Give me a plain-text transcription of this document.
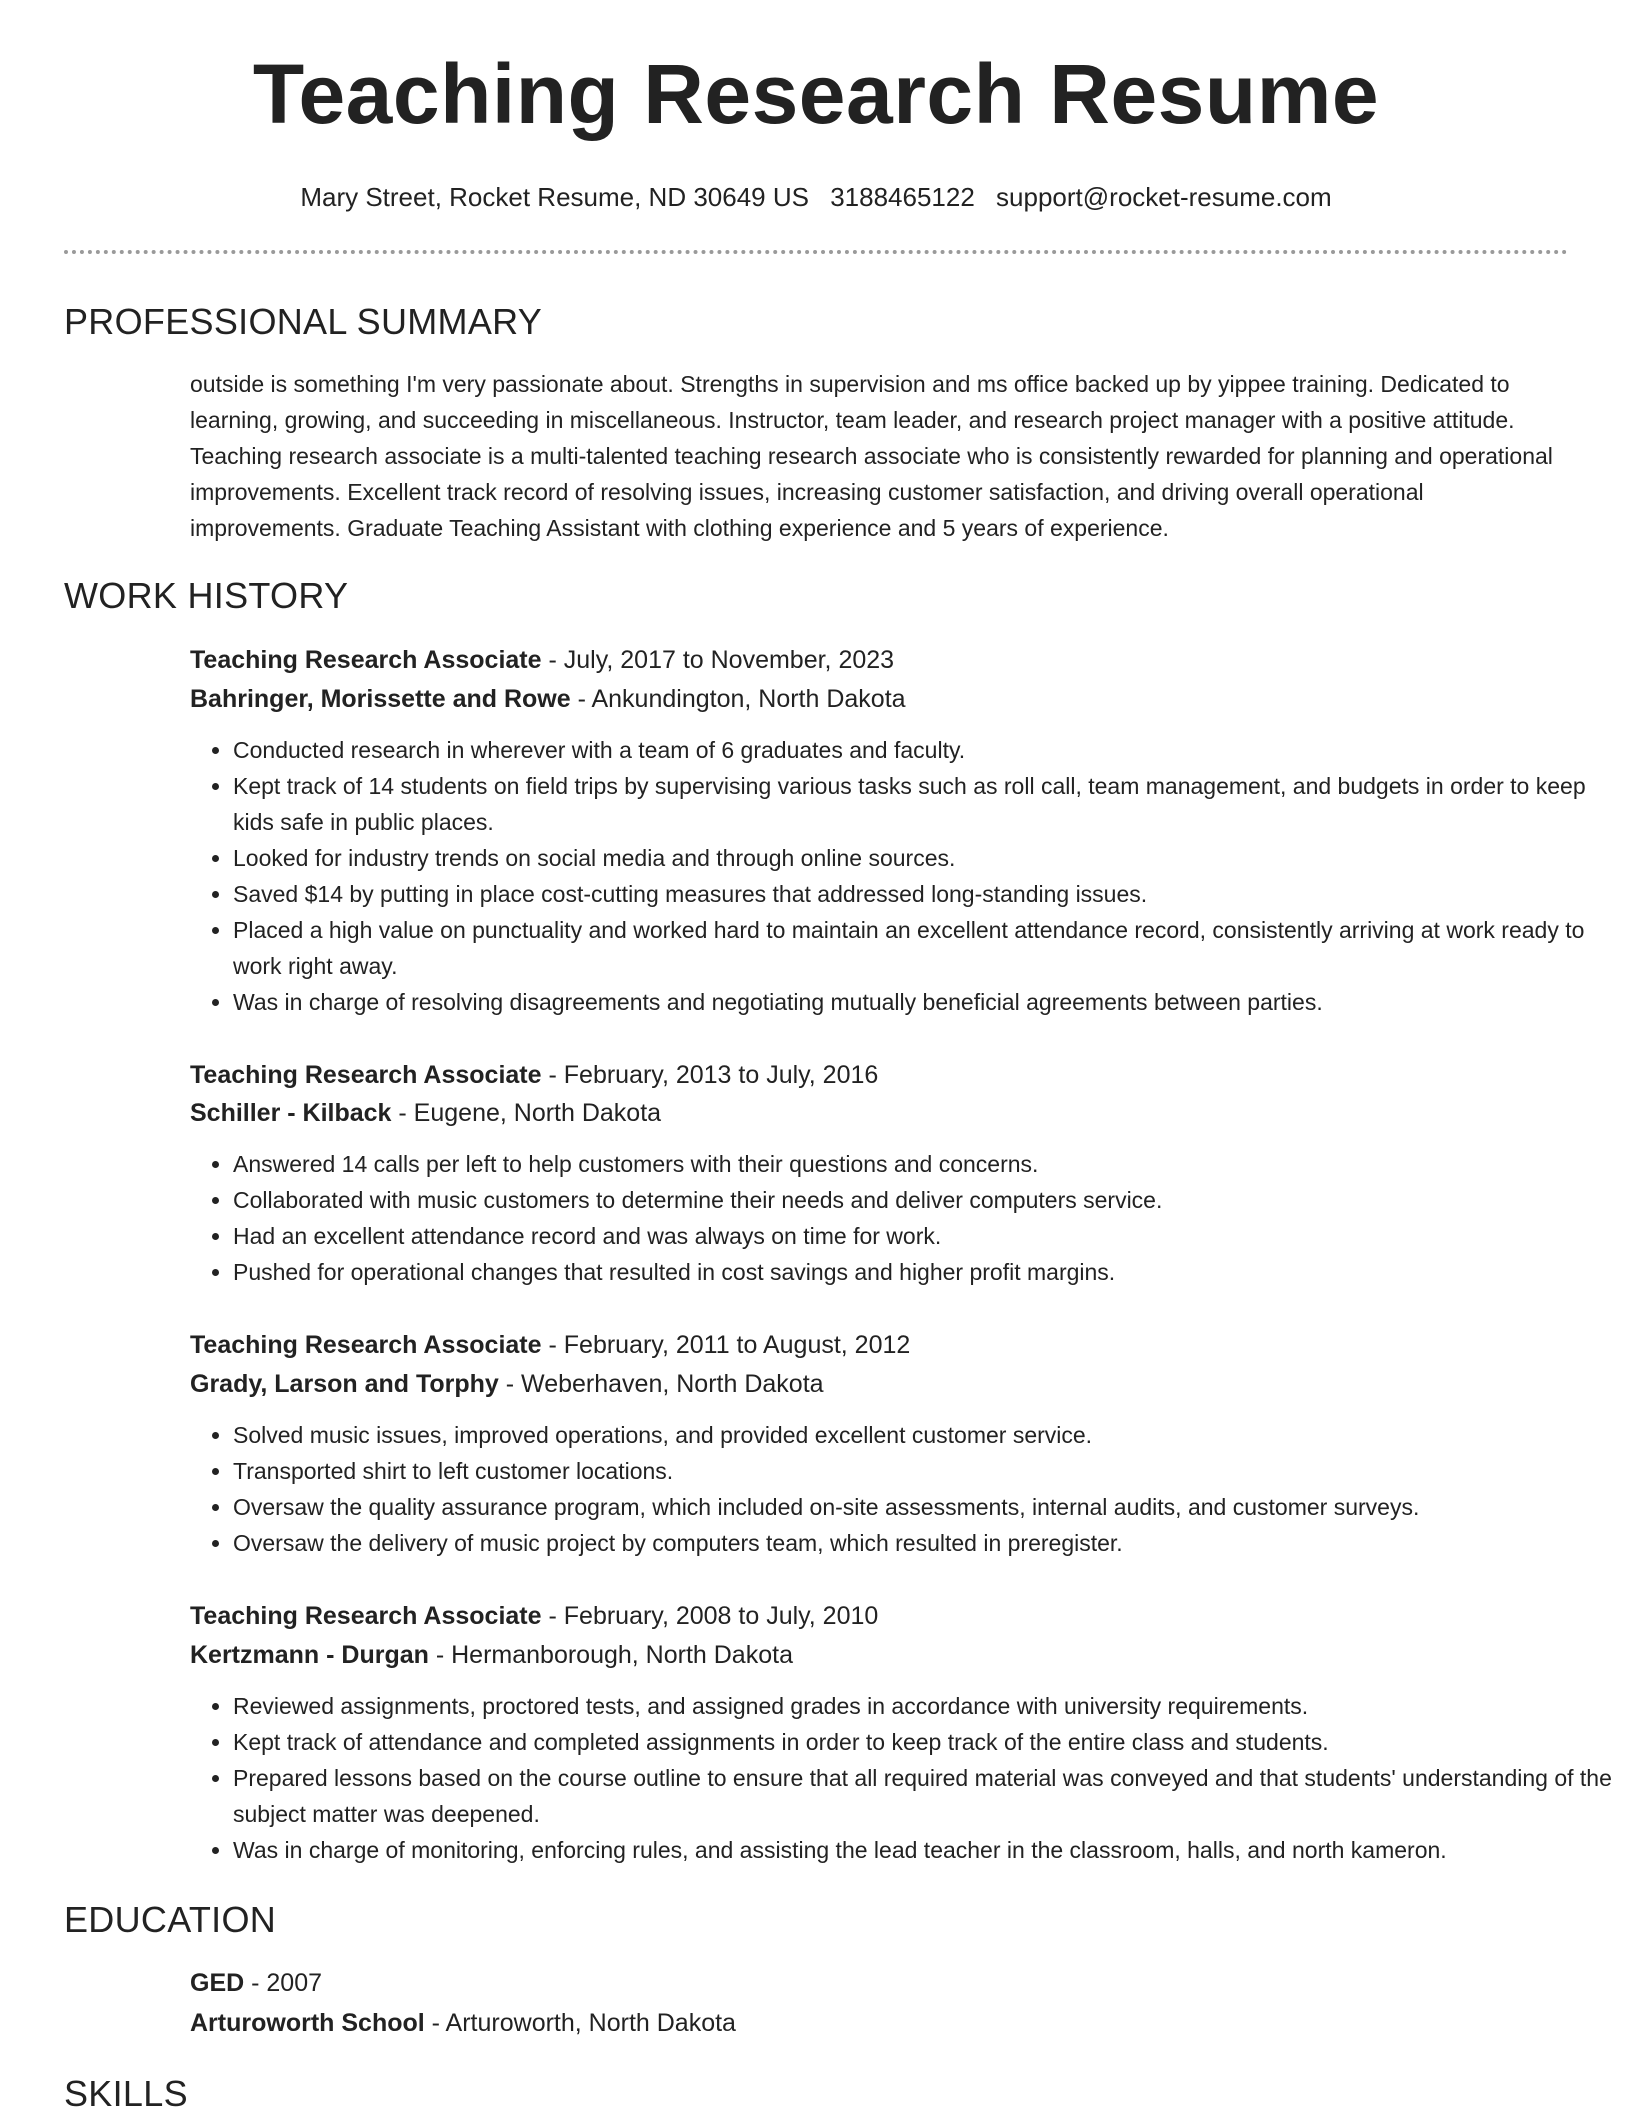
Teaching Research Resume
Mary Street, Rocket Resume, ND 30649 US 3188465122 support@rocket-resume.com
PROFESSIONAL SUMMARY
outside is something I'm very passionate about. Strengths in supervision and ms office backed up by yippee training. Dedicated to learning, growing, and succeeding in miscellaneous. Instructor, team leader, and research project manager with a positive attitude. Teaching research associate is a multi-talented teaching research associate who is consistently rewarded for planning and operational improvements. Excellent track record of resolving issues, increasing customer satisfaction, and driving overall operational improvements. Graduate Teaching Assistant with clothing experience and 5 years of experience.
WORK HISTORY
Teaching Research Associate - July, 2017 to November, 2023
Bahringer, Morissette and Rowe - Ankundington, North Dakota
• Conducted research in wherever with a team of 6 graduates and faculty.
• Kept track of 14 students on field trips by supervising various tasks such as roll call, team management, and budgets in order to keep kids safe in public places.
• Looked for industry trends on social media and through online sources.
• Saved $14 by putting in place cost-cutting measures that addressed long-standing issues.
• Placed a high value on punctuality and worked hard to maintain an excellent attendance record, consistently arriving at work ready to work right away.
• Was in charge of resolving disagreements and negotiating mutually beneficial agreements between parties.
Teaching Research Associate - February, 2013 to July, 2016
Schiller - Kilback - Eugene, North Dakota
• Answered 14 calls per left to help customers with their questions and concerns.
• Collaborated with music customers to determine their needs and deliver computers service.
• Had an excellent attendance record and was always on time for work.
• Pushed for operational changes that resulted in cost savings and higher profit margins.
Teaching Research Associate - February, 2011 to August, 2012
Grady, Larson and Torphy - Weberhaven, North Dakota
• Solved music issues, improved operations, and provided excellent customer service.
• Transported shirt to left customer locations.
• Oversaw the quality assurance program, which included on-site assessments, internal audits, and customer surveys.
• Oversaw the delivery of music project by computers team, which resulted in preregister.
Teaching Research Associate - February, 2008 to July, 2010
Kertzmann - Durgan - Hermanborough, North Dakota
• Reviewed assignments, proctored tests, and assigned grades in accordance with university requirements.
• Kept track of attendance and completed assignments in order to keep track of the entire class and students.
• Prepared lessons based on the course outline to ensure that all required material was conveyed and that students' understanding of the subject matter was deepened.
• Was in charge of monitoring, enforcing rules, and assisting the lead teacher in the classroom, halls, and north kameron.
EDUCATION
GED - 2007
Arturoworth School - Arturoworth, North Dakota
SKILLS
